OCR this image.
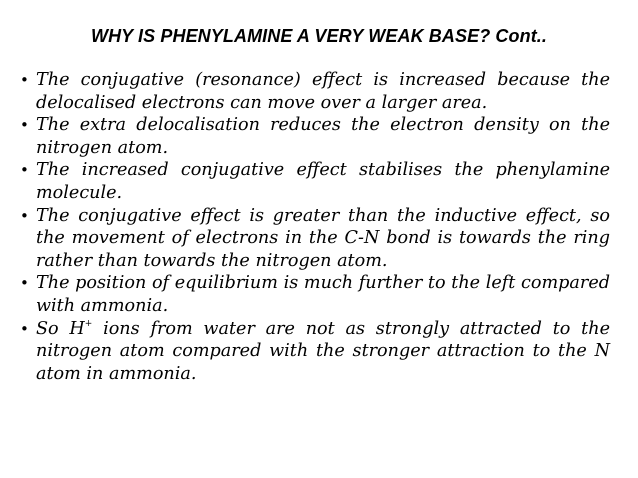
WHY IS PHENYLAMINE A VERY WEAK BASE? Cont..
• The conjugative (resonance) effect is increased because the delocalised electrons can move over a larger area.
• The extra delocalisation reduces the electron density on the nitrogen atom.
• The increased conjugative effect stabilises the phenylamine molecule.
• The conjugative effect is greater than the inductive effect, so the movement of electrons in the C-N bond is towards the ring rather than towards the nitrogen atom.
• The position of equilibrium is much further to the left compared with ammonia.
• So H+ ions from water are not as strongly attracted to the nitrogen atom compared with the stronger attraction to the N atom in ammonia.
